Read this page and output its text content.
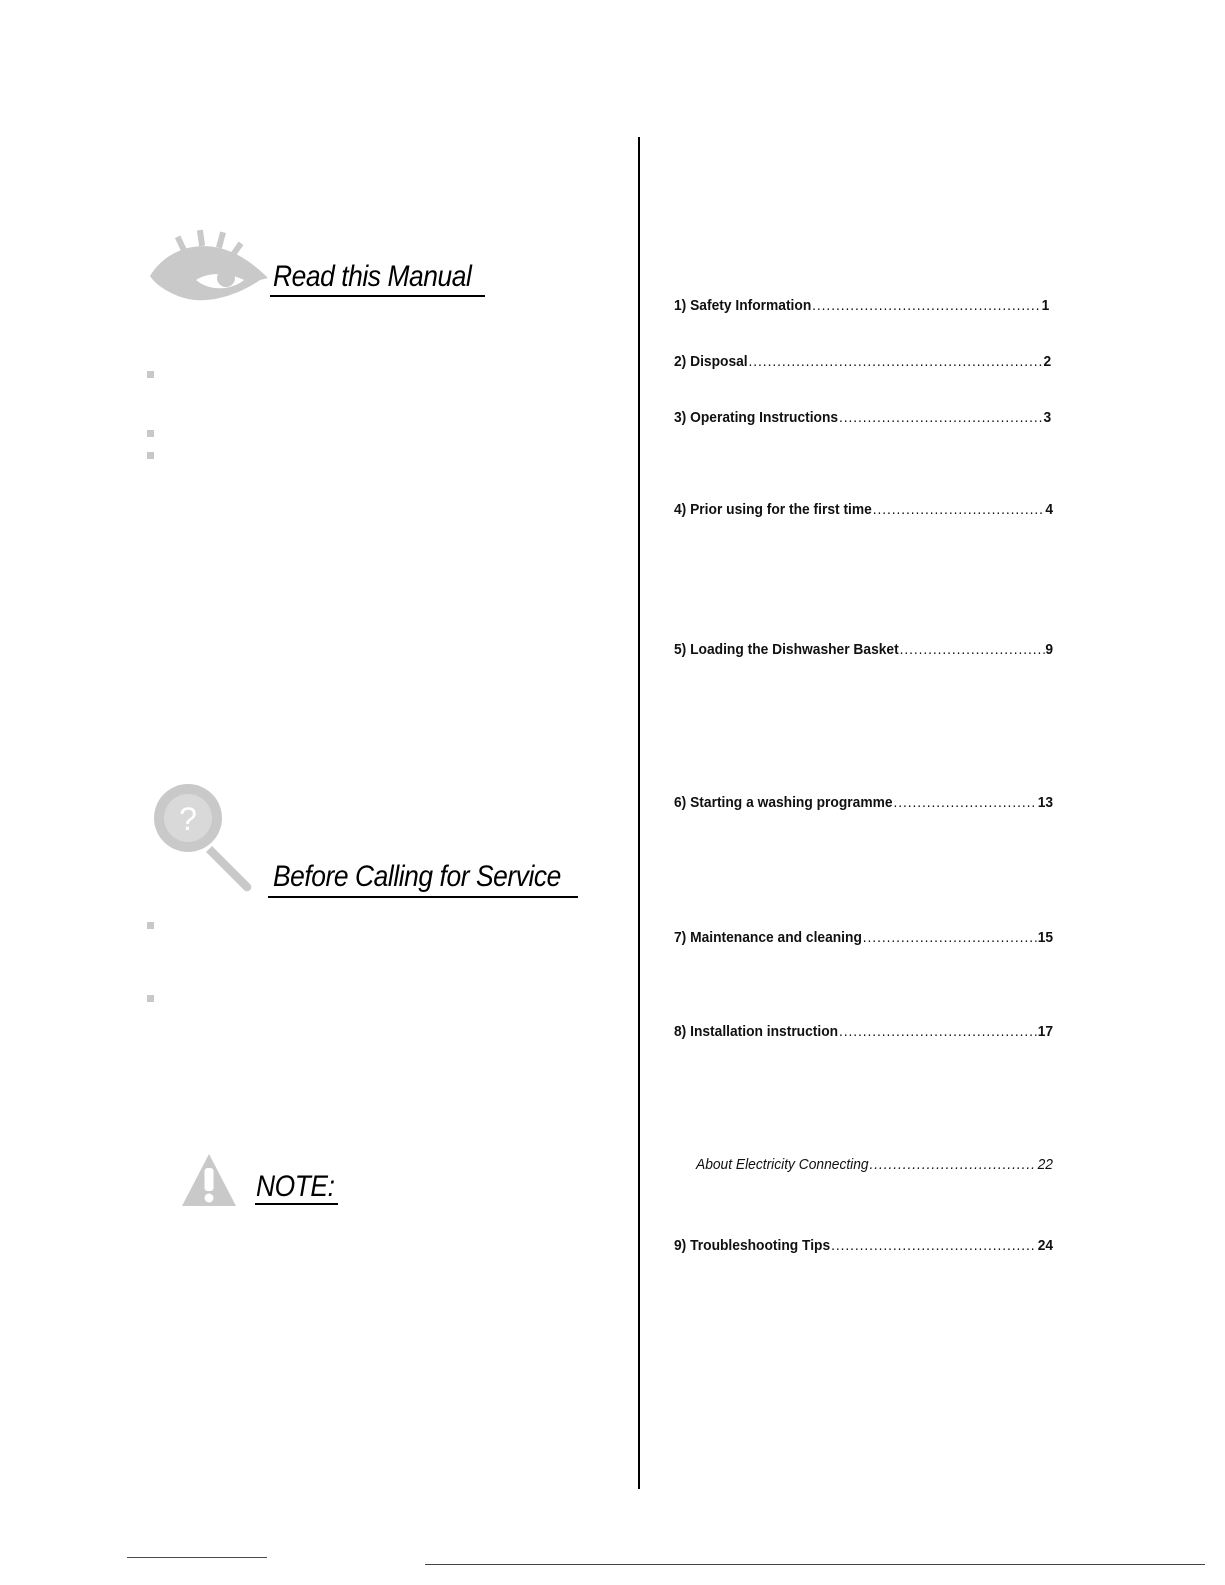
Read this Manual
?
Before Calling for Service
NOTE:
1) Safety Information .....	1
2) Disposal .....	2
3) Operating Instructions .....	3
4) Prior using for the first time .....	4
5) Loading the Dishwasher Basket .....	9
6) Starting a washing programme .....	13
7) Maintenance and cleaning .....	15
8) Installation instruction .....	17
About Electricity Connecting .....	22
9) Troubleshooting Tips .....	24
